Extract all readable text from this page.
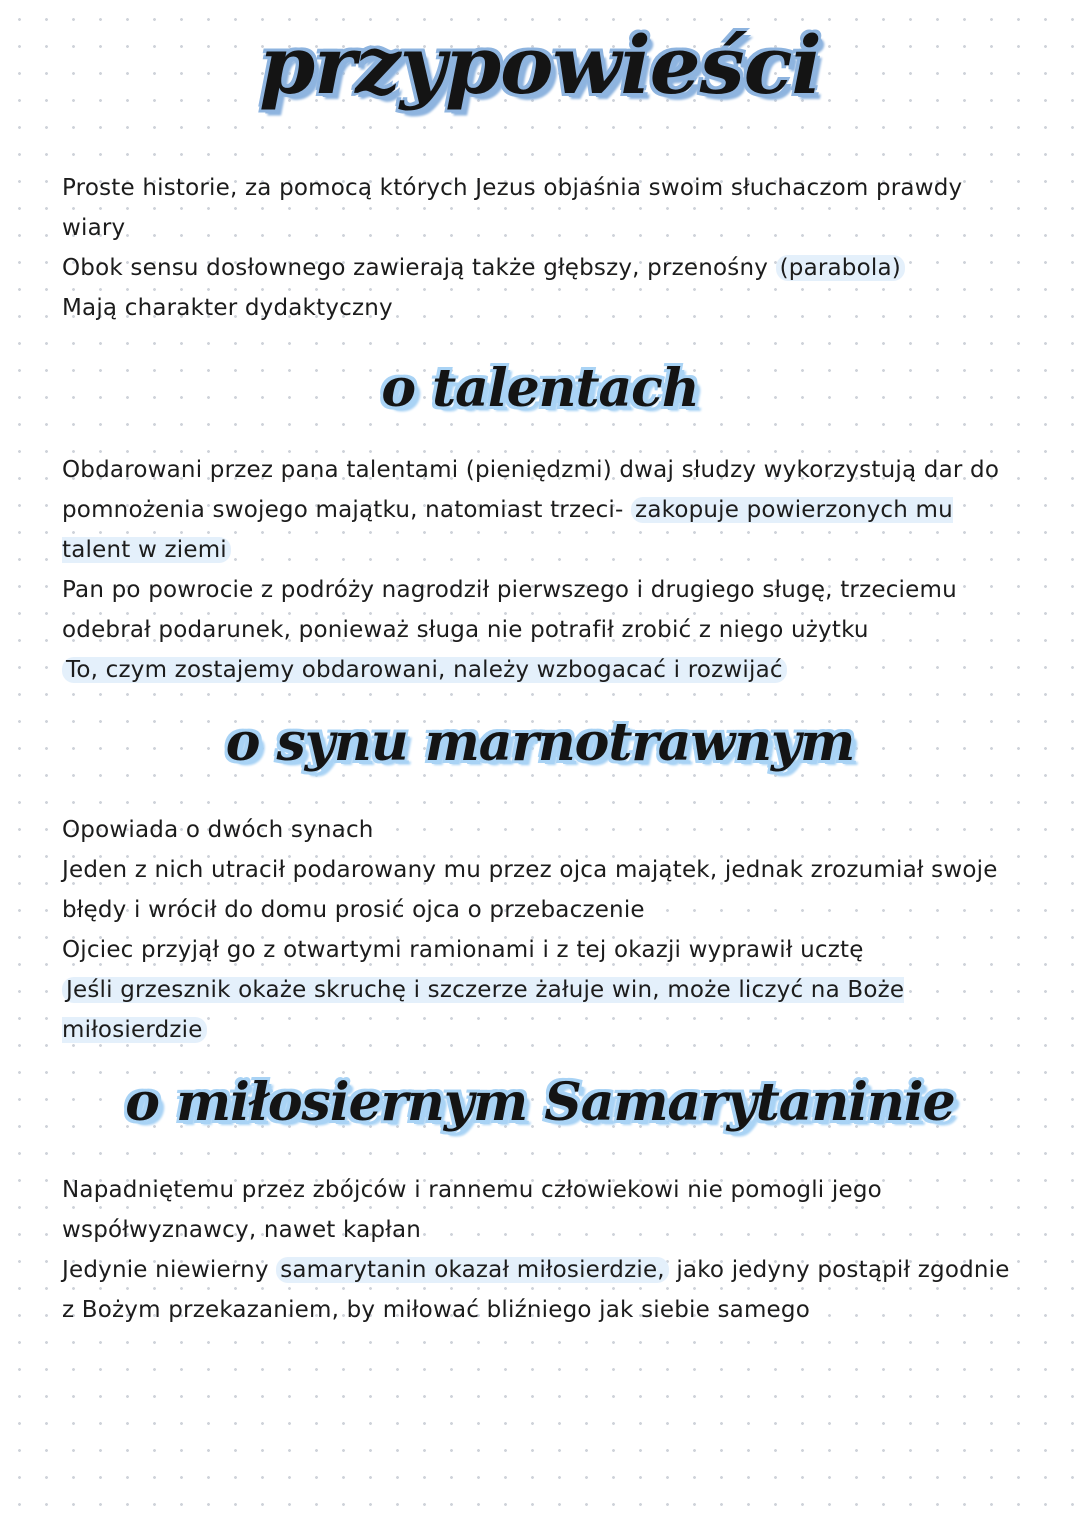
przypowieści

Proste historie, za pomocą których Jezus objaśnia swoim słuchaczom prawdy wiary

Obok sensu dosłownego zawierają także głębszy, przenośny (parabola)

Mają charakter dydaktyczny

o talentach

Obdarowani przez pana talentami (pieniędzmi) dwaj słudzy wykorzystują dar do pomnożenia swojego majątku, natomiast trzeci- zakopuje powierzonych mu talent w ziemi

Pan po powrocie z podróży nagrodził pierwszego i drugiego sługę, trzeciemu odebrał podarunek, ponieważ sługa nie potrafił zrobić z niego użytku

To, czym zostajemy obdarowani, należy wzbogacać i rozwijać

o synu marnotrawnym

Opowiada o dwóch synach

Jeden z nich utracił podarowany mu przez ojca majątek, jednak zrozumiał swoje błędy i wrócił do domu prosić ojca o przebaczenie

Ojciec przyjął go z otwartymi ramionami i z tej okazji wyprawił ucztę

Jeśli grzesznik okaże skruchę i szczerze żałuje win, może liczyć na Boże miłosierdzie

o miłosiernym Samarytaninie

Napadniętemu przez zbójców i rannemu człowiekowi nie pomogli jego współwyznawcy, nawet kapłan

Jedynie niewierny samarytanin okazał miłosierdzie, jako jedyny postąpił zgodnie z Bożym przekazaniem, by miłować bliźniego jak siebie samego
